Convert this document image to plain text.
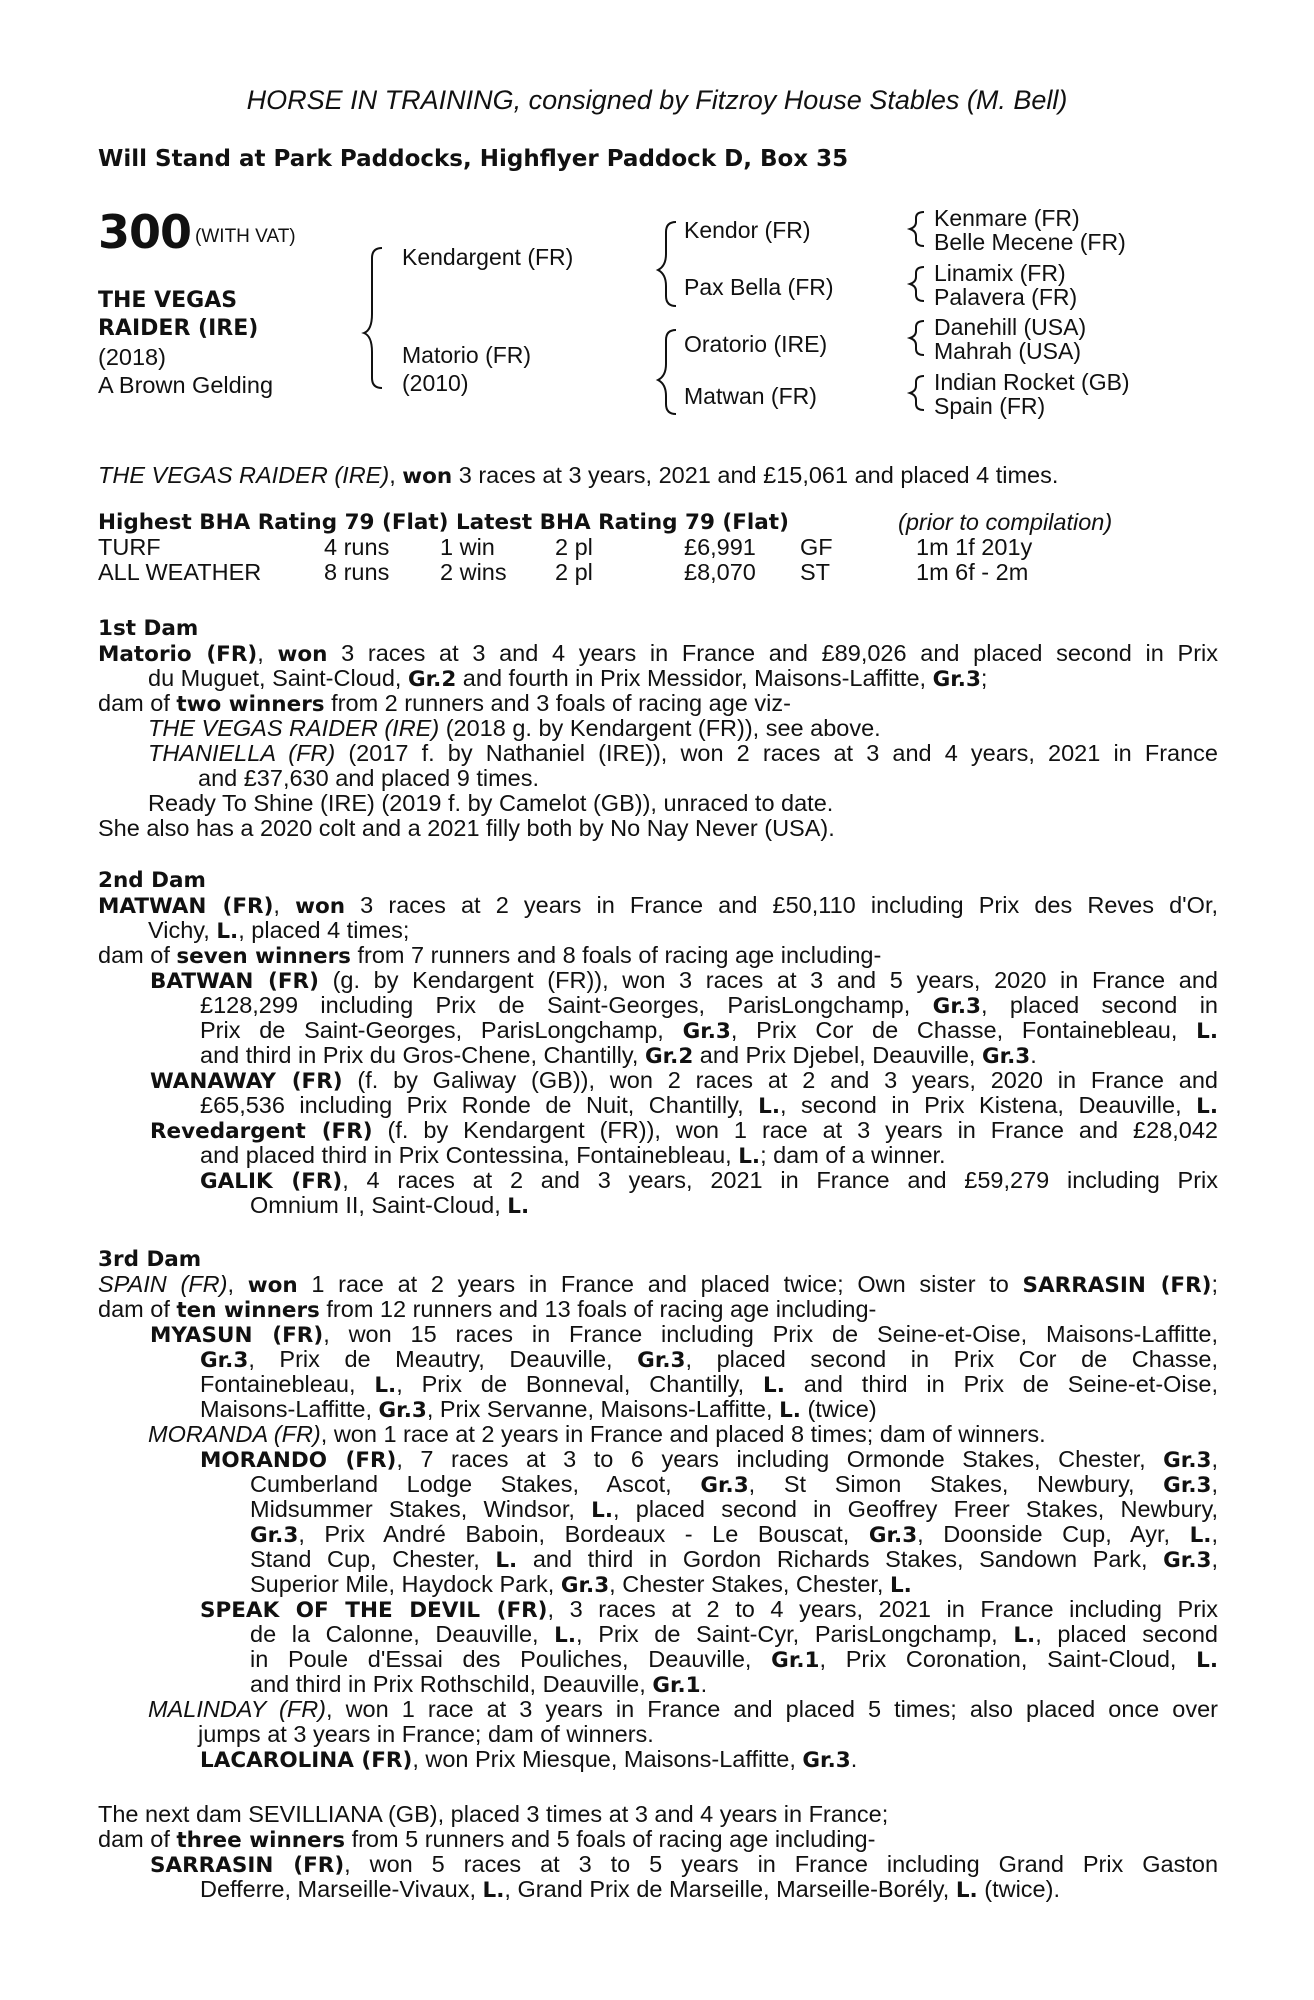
HORSE IN TRAINING, consigned by Fitzroy House Stables (M. Bell)
Will Stand at Park Paddocks, Highflyer Paddock D, Box 35
300 $^{(WITH VAT)}$
THE VEGAS
RAIDER (IRE)
(2018)
A Brown Gelding
Kendargent (FR)
Matorio (FR)
(2010)
Kendor (FR)
Pax Bella (FR)
Oratorio (IRE)
Matwan (FR)
Kenmare (FR)
Belle Mecene (FR)
Linamix (FR)
Palavera (FR)
Danehill (USA)
Mahrah (USA)
Indian Rocket (GB)
Spain (FR)
THE VEGAS RAIDER (IRE), won 3 races at 3 years, 2021 and £15,061 and placed 4 times.
Highest BHA Rating 79 (Flat) Latest BHA Rating 79 (Flat)	(prior to compilation)
TURF	4 runs 1 win	2 pl	£6,991 GF	1m 1f 201y
ALL WEATHER	8 runs 2 wins 2 pl	£8,070 ST	1m 6f - 2m
1st Dam
Matorio (FR), won 3 races at 3 and 4 years in France and £89,026 and placed second in Prix
du Muguet, Saint-Cloud, Gr.2 and fourth in Prix Messidor, Maisons-Laffitte, Gr.3;
dam of two winners from 2 runners and 3 foals of racing age viz-
THE VEGAS RAIDER (IRE) (2018 g. by Kendargent (FR)), see above.
THANIELLA (FR) (2017 f. by Nathaniel (IRE)), won 2 races at 3 and 4 years, 2021 in France
and £37,630 and placed 9 times.
Ready To Shine (IRE) (2019 f. by Camelot (GB)), unraced to date.
She also has a 2020 colt and a 2021 filly both by No Nay Never (USA).
2nd Dam
MATWAN (FR), won 3 races at 2 years in France and £50,110 including Prix des Reves d'Or,
Vichy, L., placed 4 times;
dam of seven winners from 7 runners and 8 foals of racing age including-
BATWAN (FR) (g. by Kendargent (FR)), won 3 races at 3 and 5 years, 2020 in France and
£128,299 including Prix de Saint-Georges, ParisLongchamp, Gr.3, placed second in
Prix de Saint-Georges, ParisLongchamp, Gr.3, Prix Cor de Chasse, Fontainebleau, L.
and third in Prix du Gros-Chene, Chantilly, Gr.2 and Prix Djebel, Deauville, Gr.3.
WANAWAY (FR) (f. by Galiway (GB)), won 2 races at 2 and 3 years, 2020 in France and
£65,536 including Prix Ronde de Nuit, Chantilly, L., second in Prix Kistena, Deauville, L.
Revedargent (FR) (f. by Kendargent (FR)), won 1 race at 3 years in France and £28,042
and placed third in Prix Contessina, Fontainebleau, L.; dam of a winner.
GALIK (FR), 4 races at 2 and 3 years, 2021 in France and £59,279 including Prix
Omnium II, Saint-Cloud, L.
3rd Dam
SPAIN (FR), won 1 race at 2 years in France and placed twice; Own sister to SARRASIN (FR);
dam of ten winners from 12 runners and 13 foals of racing age including-
MYASUN (FR), won 15 races in France including Prix de Seine-et-Oise, Maisons-Laffitte,
Gr.3, Prix de Meautry, Deauville, Gr.3, placed second in Prix Cor de Chasse,
Fontainebleau, L., Prix de Bonneval, Chantilly, L. and third in Prix de Seine-et-Oise,
Maisons-Laffitte, Gr.3, Prix Servanne, Maisons-Laffitte, L. (twice)
MORANDA (FR), won 1 race at 2 years in France and placed 8 times; dam of winners.
MORANDO (FR), 7 races at 3 to 6 years including Ormonde Stakes, Chester, Gr.3,
Cumberland Lodge Stakes, Ascot, Gr.3, St Simon Stakes, Newbury, Gr.3,
Midsummer Stakes, Windsor, L., placed second in Geoffrey Freer Stakes, Newbury,
Gr.3, Prix André Baboin, Bordeaux - Le Bouscat, Gr.3, Doonside Cup, Ayr, L.,
Stand Cup, Chester, L. and third in Gordon Richards Stakes, Sandown Park, Gr.3,
Superior Mile, Haydock Park, Gr.3, Chester Stakes, Chester, L.
SPEAK OF THE DEVIL (FR), 3 races at 2 to 4 years, 2021 in France including Prix
de la Calonne, Deauville, L., Prix de Saint-Cyr, ParisLongchamp, L., placed second
in Poule d'Essai des Pouliches, Deauville, Gr.1, Prix Coronation, Saint-Cloud, L.
and third in Prix Rothschild, Deauville, Gr.1.
MALINDAY (FR), won 1 race at 3 years in France and placed 5 times; also placed once over
jumps at 3 years in France; dam of winners.
LACAROLINA (FR), won Prix Miesque, Maisons-Laffitte, Gr.3.
The next dam SEVILLIANA (GB), placed 3 times at 3 and 4 years in France;
dam of three winners from 5 runners and 5 foals of racing age including-
SARRASIN (FR), won 5 races at 3 to 5 years in France including Grand Prix Gaston
Defferre, Marseille-Vivaux, L., Grand Prix de Marseille, Marseille-Borély, L. (twice).
